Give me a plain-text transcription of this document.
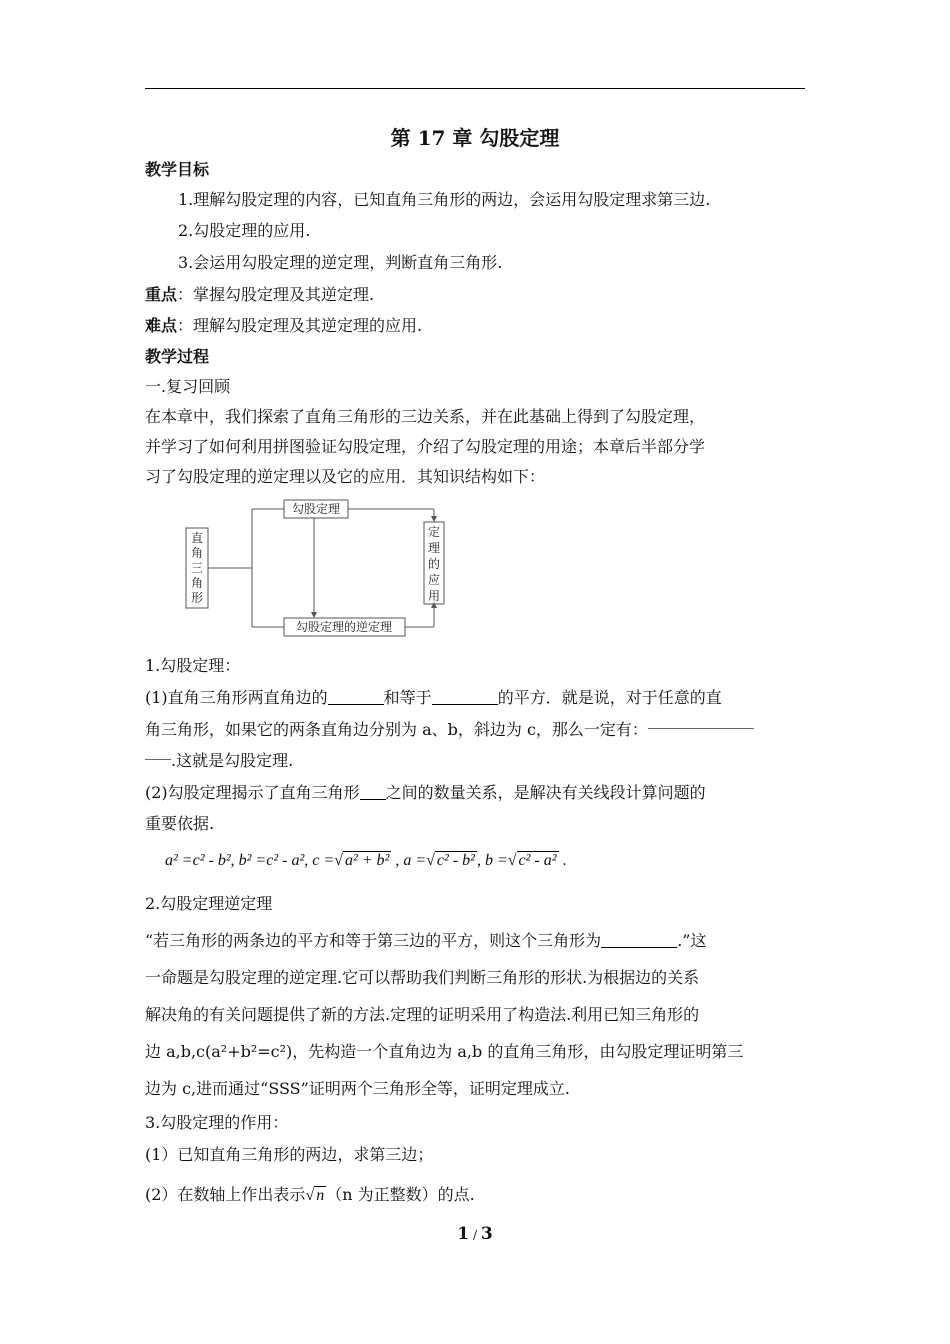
第 17 章 勾股定理
教学目标
1.理解勾股定理的内容，已知直角三角形的两边，会运用勾股定理求第三边.
2.勾股定理的应用.
3.会运用勾股定理的逆定理，判断直角三角形.
重点：掌握勾股定理及其逆定理.
难点：理解勾股定理及其逆定理的应用.
教学过程
一.复习回顾
在本章中，我们探索了直角三角形的三边关系，并在此基础上得到了勾股定理，
并学习了如何利用拼图验证勾股定理，介绍了勾股定理的用途；本章后半部分学
习了勾股定理的逆定理以及它的应用．其知识结构如下：
直
角
三
角
形
勾股定理
勾股定理的逆定理
定
理
的
应
用
1.勾股定理：
(1)直角三角形两直角边的	和等于	的平方．就是说，对于任意的直
角三角形，如果它的两条直角边分别为 a、b，斜边为 c，那么一定有：
.这就是勾股定理.
(2)勾股定理揭示了直角三角形 之间的数量关系，是解决有关线段计算问题的
重要依据.
a² =c² - b², b² =c² - a², c =√ a² + b² , a =√ c² - b² , b =√ c² - a² .
2.勾股定理逆定理
“若三角形的两条边的平方和等于第三边的平方，则这个三角形为	.”这
一命题是勾股定理的逆定理.它可以帮助我们判断三角形的形状.为根据边的关系
解决角的有关问题提供了新的方法.定理的证明采用了构造法.利用已知三角形的
边 a,b,c(a²+b²=c²)，先构造一个直角边为 a,b 的直角三角形，由勾股定理证明第三
边为 c,进而通过“SSS”证明两个三角形全等，证明定理成立.
3.勾股定理的作用：
(1）已知直角三角形的两边，求第三边；
(2）在数轴上作出表示√ n （n 为正整数）的点.
1 / 3
